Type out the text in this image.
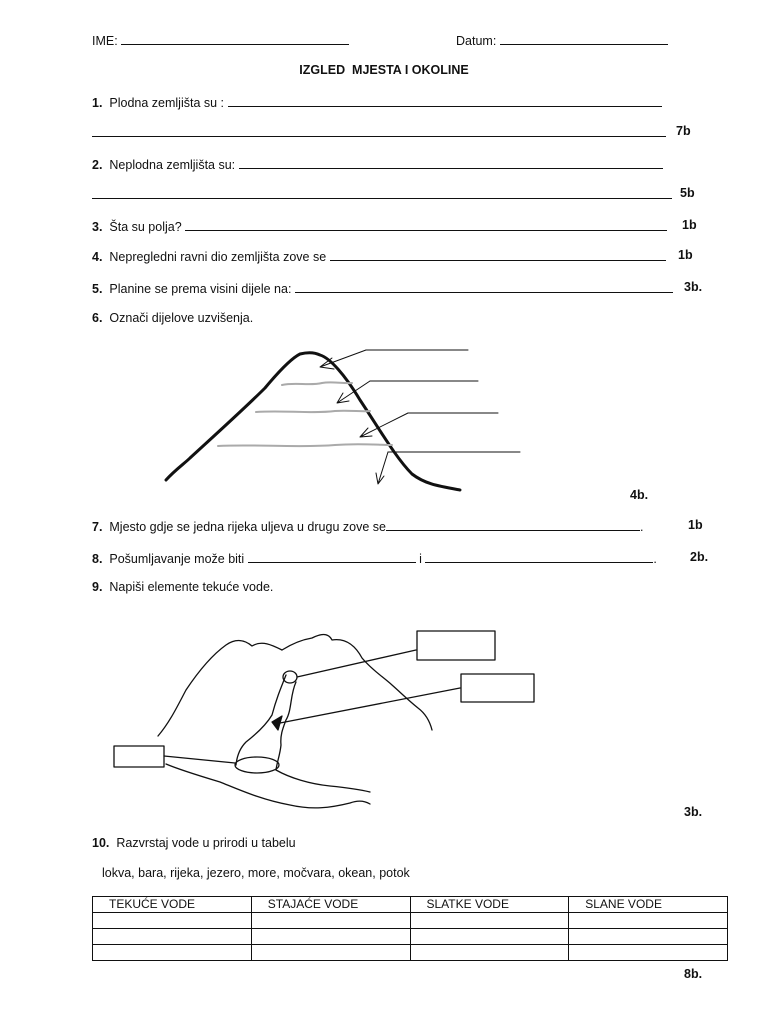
IME:	Datum:
IZGLED  MJESTA I OKOLINE
1. Plodna zemljišta su :
7b
2. Neplodna zemljišta su:
5b
3. Šta su polja?	1b
4. Nepregledni ravni dio zemljišta zove se	1b
5. Planine se prema visini dijele na:	3b.
6. Označi dijelove uzvišenja.
4b.
7. Mjesto gdje se jedna rijeka uljeva u drugu zove se	.	1b
8. Pošumljavanje može biti	i	.	2b.
9. Napiši elemente tekuće vode.
3b.
10. Razvrstaj vode u prirodi u tabelu
lokva, bara, rijeka, jezero, more, močvara, okean, potok
TEKUĆE VODE	STAJAĆE VODE	SLATKE VODE	SLANE VODE

8b.
